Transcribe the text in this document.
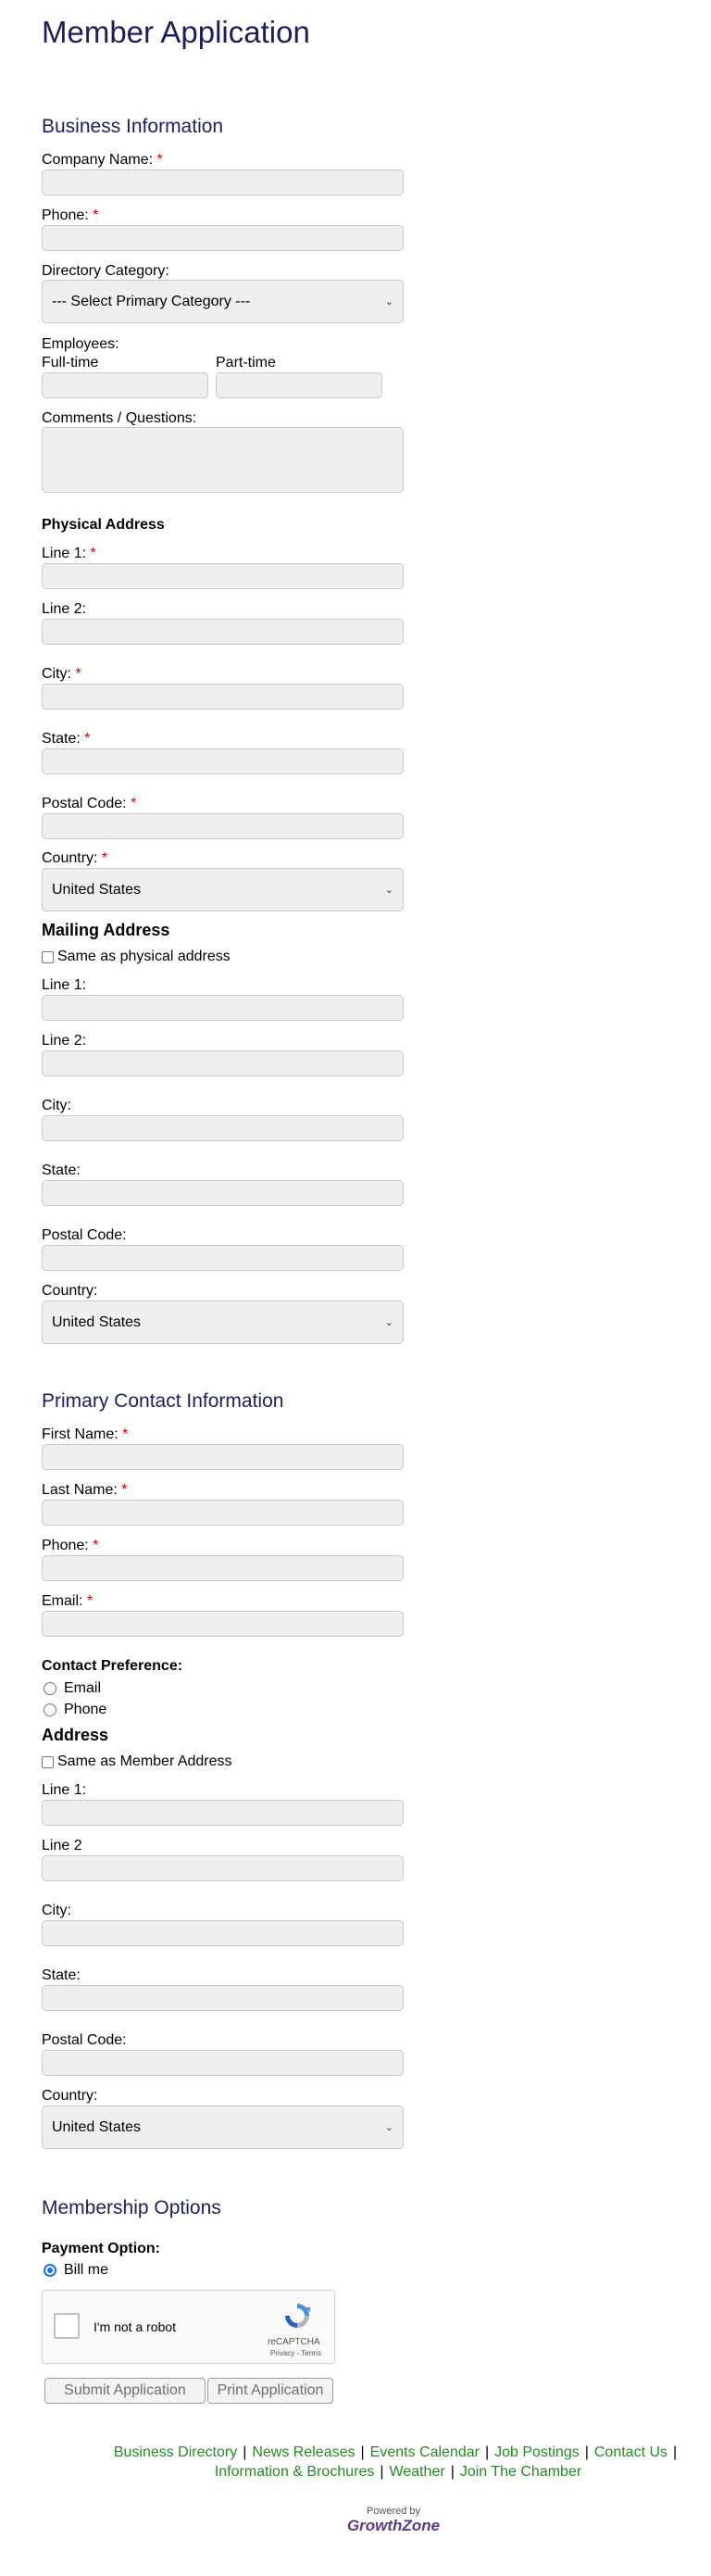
Member Application
Business Information
Company Name: *
Phone: *
Directory Category:
--- Select Primary Category ---	⌄
Employees:
Full-time	Part-time
Comments / Questions:
Physical Address
Line 1: *
Line 2:
City: *
State: *
Postal Code: *
Country: *
United States	⌄
Mailing Address
Same as physical address
Line 1:
Line 2:
City:
State:
Postal Code:
Country:
United States	⌄
Primary Contact Information
First Name: *
Last Name: *
Phone: *
Email: *
Contact Preference:
Email
Phone
Address
Same as Member Address
Line 1:
Line 2
City:
State:
Postal Code:
Country:
United States	⌄
Membership Options
Payment Option:
Bill me
I'm not a robot
reCAPTCHA
Privacy - Terms
Submit Application	Print Application
Business Directory | News Releases | Events Calendar | Job Postings | Contact Us |
Information & Brochures | Weather | Join The Chamber
Powered by
GrowthZone
